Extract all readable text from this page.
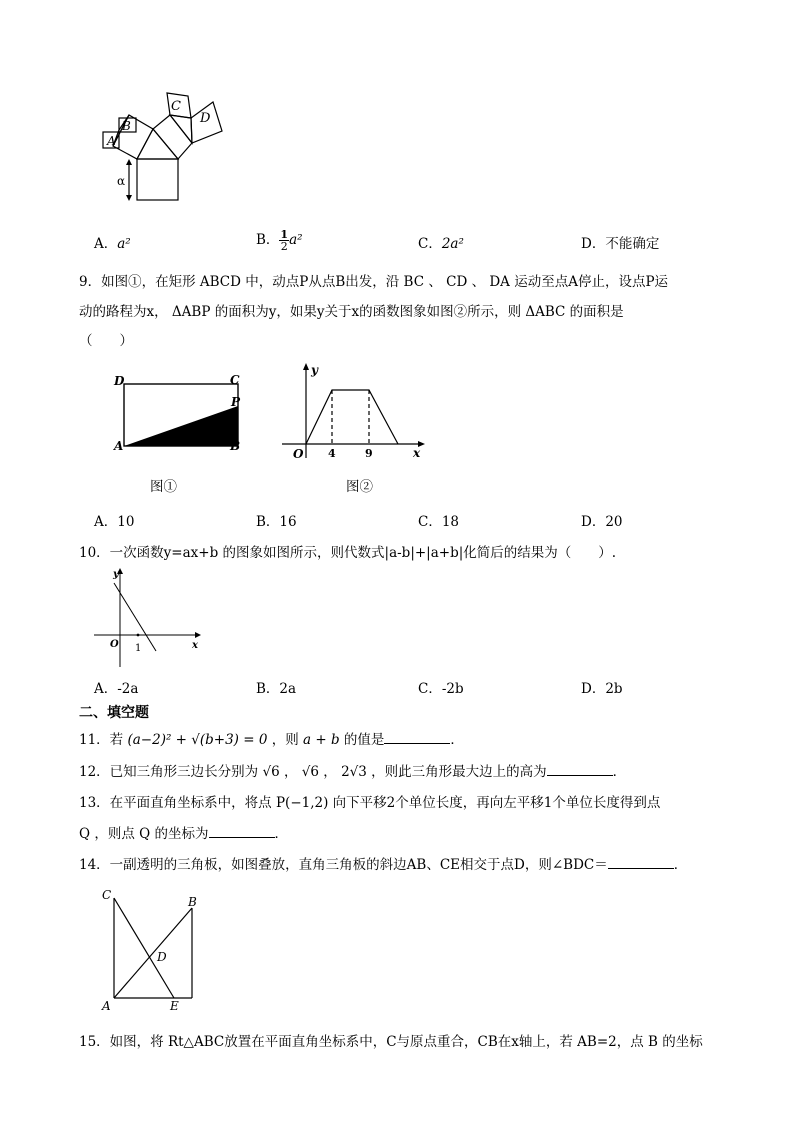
A
B
C
D
α
A．a²	B． $\frac{1}{2} a^2$	C．2a²	D．不能确定
9．如图①，在矩形 ABCD 中，动点P从点B出发，沿 BC 、 CD 、 DA 运动至点A停止，设点P运
动的路程为x， ΔABP 的面积为y，如果y关于x的函数图象如图②所示，则 ΔABC 的面积是
（　　）
D	C
P
A	B
图①
y
x
O 4	9
图②
A．10	B．16	C．18	D．20
10．一次函数y=ax+b 的图象如图所示，则代数式|a-b|+|a+b|化简后的结果为（　　）.
y
x
O 1
A．-2a	B．2a	C．-2b	D．2b
二、填空题
11．若 (a−2)² + √(b+3) = 0 ，则 a + b 的值是	．
12．已知三角形三边长分别为 √6 ， √6 ， 2√3 ，则此三角形最大边上的高为	．
13．在平面直角坐标系中，将点 P(−1,2) 向下平移2个单位长度，再向左平移1个单位长度得到点
Q ，则点 Q 的坐标为	．
14．一副透明的三角板，如图叠放，直角三角板的斜边AB、CE相交于点D，则∠BDC＝	．
C	B
D
A	E
15．如图，将 Rt△ABC放置在平面直角坐标系中，C与原点重合，CB在x轴上，若 AB=2，点 B 的坐标
